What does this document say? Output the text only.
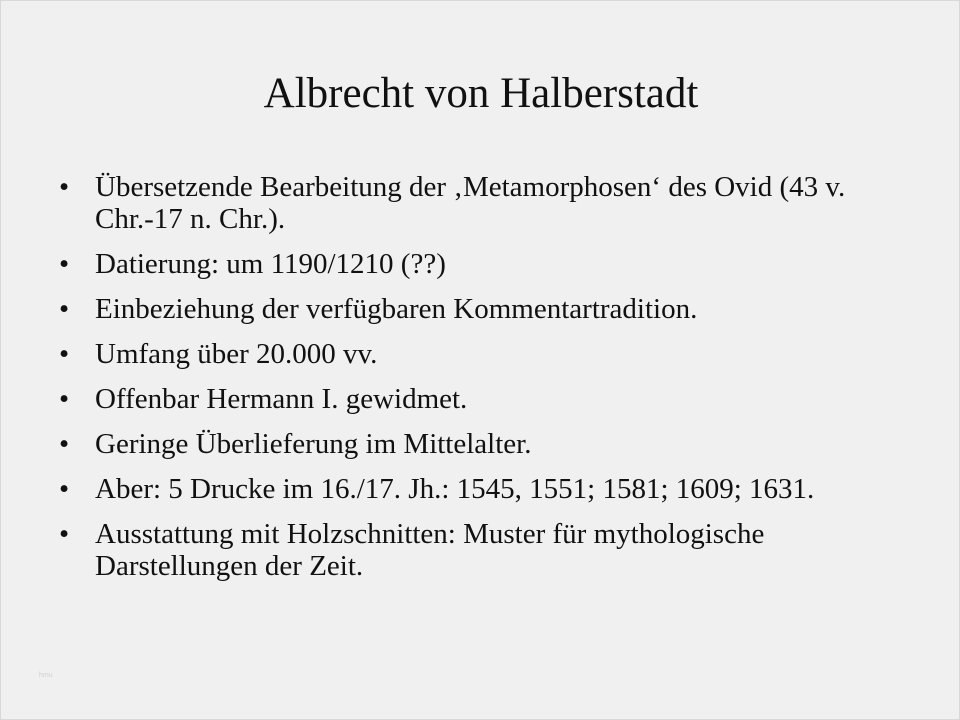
Albrecht von Halberstadt
• Übersetzende Bearbeitung der ‚Metamorphosen‘ des Ovid (43 v. Chr.-17 n. Chr.).
• Datierung: um 1190/1210 (??)
• Einbeziehung der verfügbaren Kommentartradition.
• Umfang über 20.000 vv.
• Offenbar Hermann I. gewidmet.
• Geringe Überlieferung im Mittelalter.
• Aber: 5 Drucke im 16./17. Jh.: 1545, 1551; 1581; 1609; 1631.
• Ausstattung mit Holzschnitten: Muster für mythologische Darstellungen der Zeit.
hmu
